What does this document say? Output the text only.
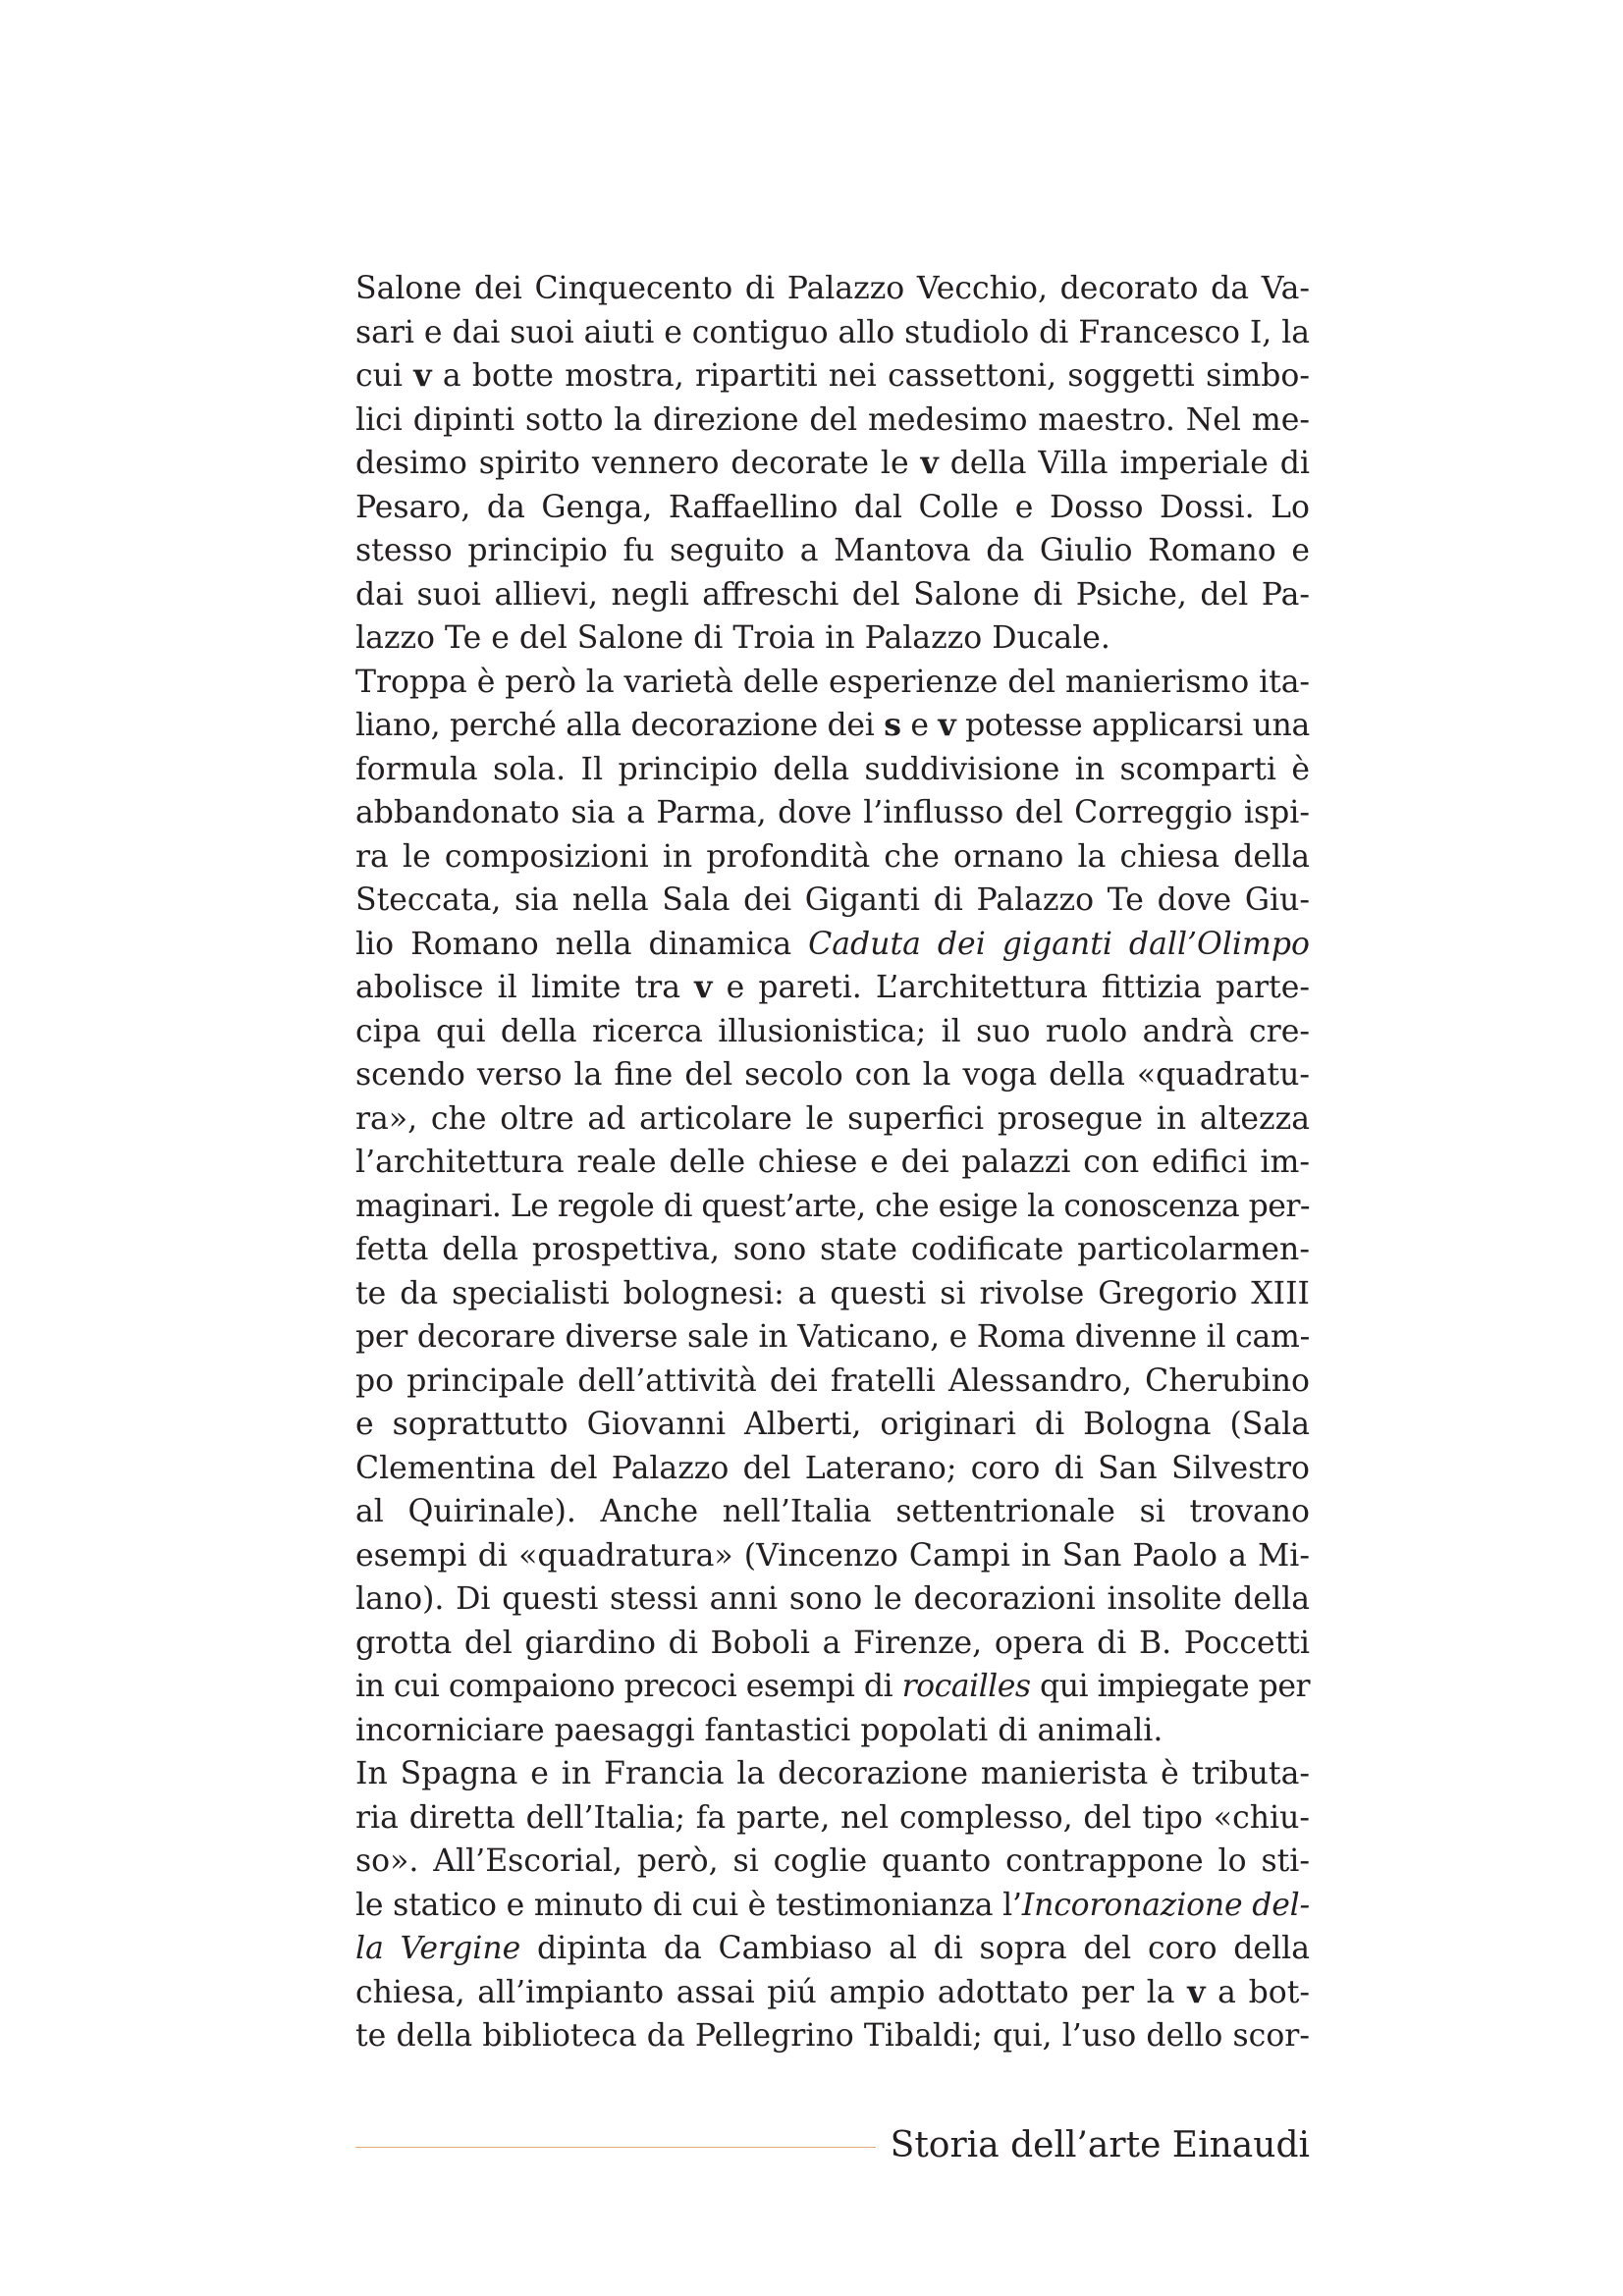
Salone dei Cinquecento di Palazzo Vecchio, decorato da Va-
sari e dai suoi aiuti e contiguo allo studiolo di Francesco I, la
cui v a botte mostra, ripartiti nei cassettoni, soggetti simbo-
lici dipinti sotto la direzione del medesimo maestro. Nel me-
desimo spirito vennero decorate le v della Villa imperiale di
Pesaro, da Genga, Raffaellino dal Colle e Dosso Dossi. Lo
stesso principio fu seguito a Mantova da Giulio Romano e
dai suoi allievi, negli affreschi del Salone di Psiche, del Pa-
lazzo Te e del Salone di Troia in Palazzo Ducale.
Troppa è però la varietà delle esperienze del manierismo ita-
liano, perché alla decorazione dei s e v potesse applicarsi una
formula sola. Il principio della suddivisione in scomparti è
abbandonato sia a Parma, dove l’influsso del Correggio ispi-
ra le composizioni in profondità che ornano la chiesa della
Steccata, sia nella Sala dei Giganti di Palazzo Te dove Giu-
lio Romano nella dinamica Caduta dei giganti dall’Olimpo
abolisce il limite tra v e pareti. L’architettura fittizia parte-
cipa qui della ricerca illusionistica; il suo ruolo andrà cre-
scendo verso la fine del secolo con la voga della «quadratu-
ra», che oltre ad articolare le superfici prosegue in altezza
l’architettura reale delle chiese e dei palazzi con edifici im-
maginari. Le regole di quest’arte, che esige la conoscenza per-
fetta della prospettiva, sono state codificate particolarmen-
te da specialisti bolognesi: a questi si rivolse Gregorio XIII
per decorare diverse sale in Vaticano, e Roma divenne il cam-
po principale dell’attività dei fratelli Alessandro, Cherubino
e soprattutto Giovanni Alberti, originari di Bologna (Sala
Clementina del Palazzo del Laterano; coro di San Silvestro
al Quirinale). Anche nell’Italia settentrionale si trovano
esempi di «quadratura» (Vincenzo Campi in San Paolo a Mi-
lano). Di questi stessi anni sono le decorazioni insolite della
grotta del giardino di Boboli a Firenze, opera di B. Poccetti
in cui compaiono precoci esempi di rocailles qui impiegate per
incorniciare paesaggi fantastici popolati di animali.
In Spagna e in Francia la decorazione manierista è tributa-
ria diretta dell’Italia; fa parte, nel complesso, del tipo «chiu-
so». All’Escorial, però, si coglie quanto contrappone lo sti-
le statico e minuto di cui è testimonianza l’Incoronazione del-
la Vergine dipinta da Cambiaso al di sopra del coro della
chiesa, all’impianto assai piú ampio adottato per la v a bot-
te della biblioteca da Pellegrino Tibaldi; qui, l’uso dello scor-
Storia dell’arte Einaudi
